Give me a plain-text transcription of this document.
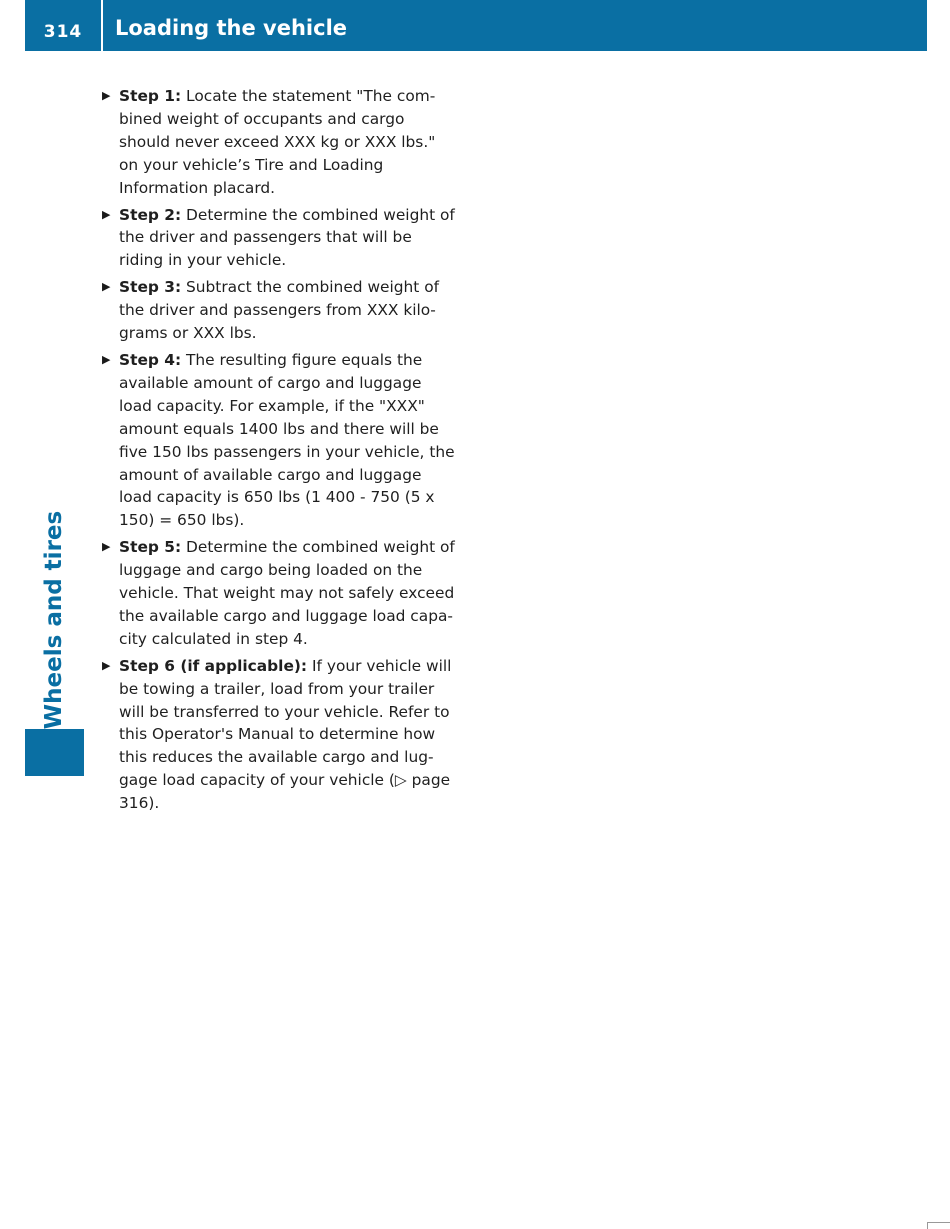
314	Loading the vehicle
Wheels and tires
▶ Step 1: Locate the statement "The combined weight of occupants and cargo should never exceed XXX kg or XXX lbs." on your vehicle’s Tire and Loading Information placard.
▶ Step 2: Determine the combined weight of the driver and passengers that will be riding in your vehicle.
▶ Step 3: Subtract the combined weight of the driver and passengers from XXX kilograms or XXX lbs.
▶ Step 4: The resulting figure equals the available amount of cargo and luggage load capacity. For example, if the "XXX" amount equals 1400 lbs and there will be five 150 lbs passengers in your vehicle, the amount of available cargo and luggage load capacity is 650 lbs (1 400 - 750 (5 x 150) = 650 lbs).
▶ Step 5: Determine the combined weight of luggage and cargo being loaded on the vehicle. That weight may not safely exceed the available cargo and luggage load capacity calculated in step 4.
▶ Step 6 (if applicable): If your vehicle will be towing a trailer, load from your trailer will be transferred to your vehicle. Refer to this Operator's Manual to determine how this reduces the available cargo and luggage load capacity of your vehicle (▷ page 316).
